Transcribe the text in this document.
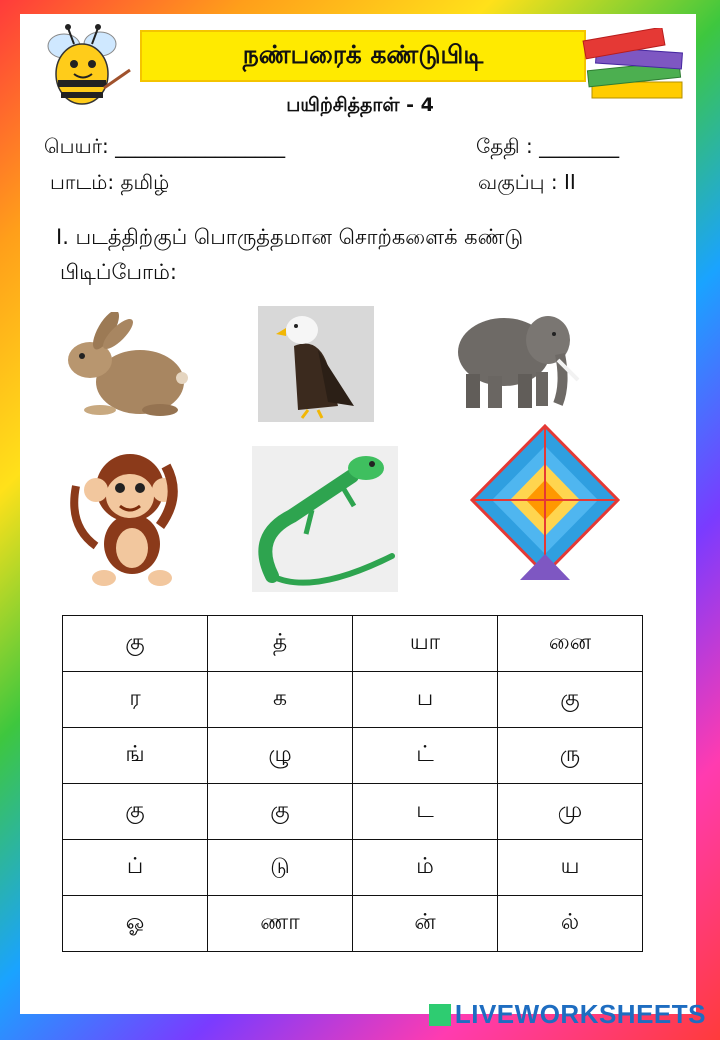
நண்பரைக் கண்டுபிடி
பயிற்சித்தாள் - 4
பெயர்: _________________	தேதி : ________
பாடம்: தமிழ்	வகுப்பு : II
I. படத்திற்குப் பொருத்தமான சொற்களைக் கண்டு
பிடிப்போம்:
கு	த்	யா	னை
ர	க	ப	கு
ங்	ழு	ட்	ரு
கு	கு	ட	மு
ப்	டு	ம்	ய
ஓ	ணா	ன்	ல்
LIVEWORKSHEETS
